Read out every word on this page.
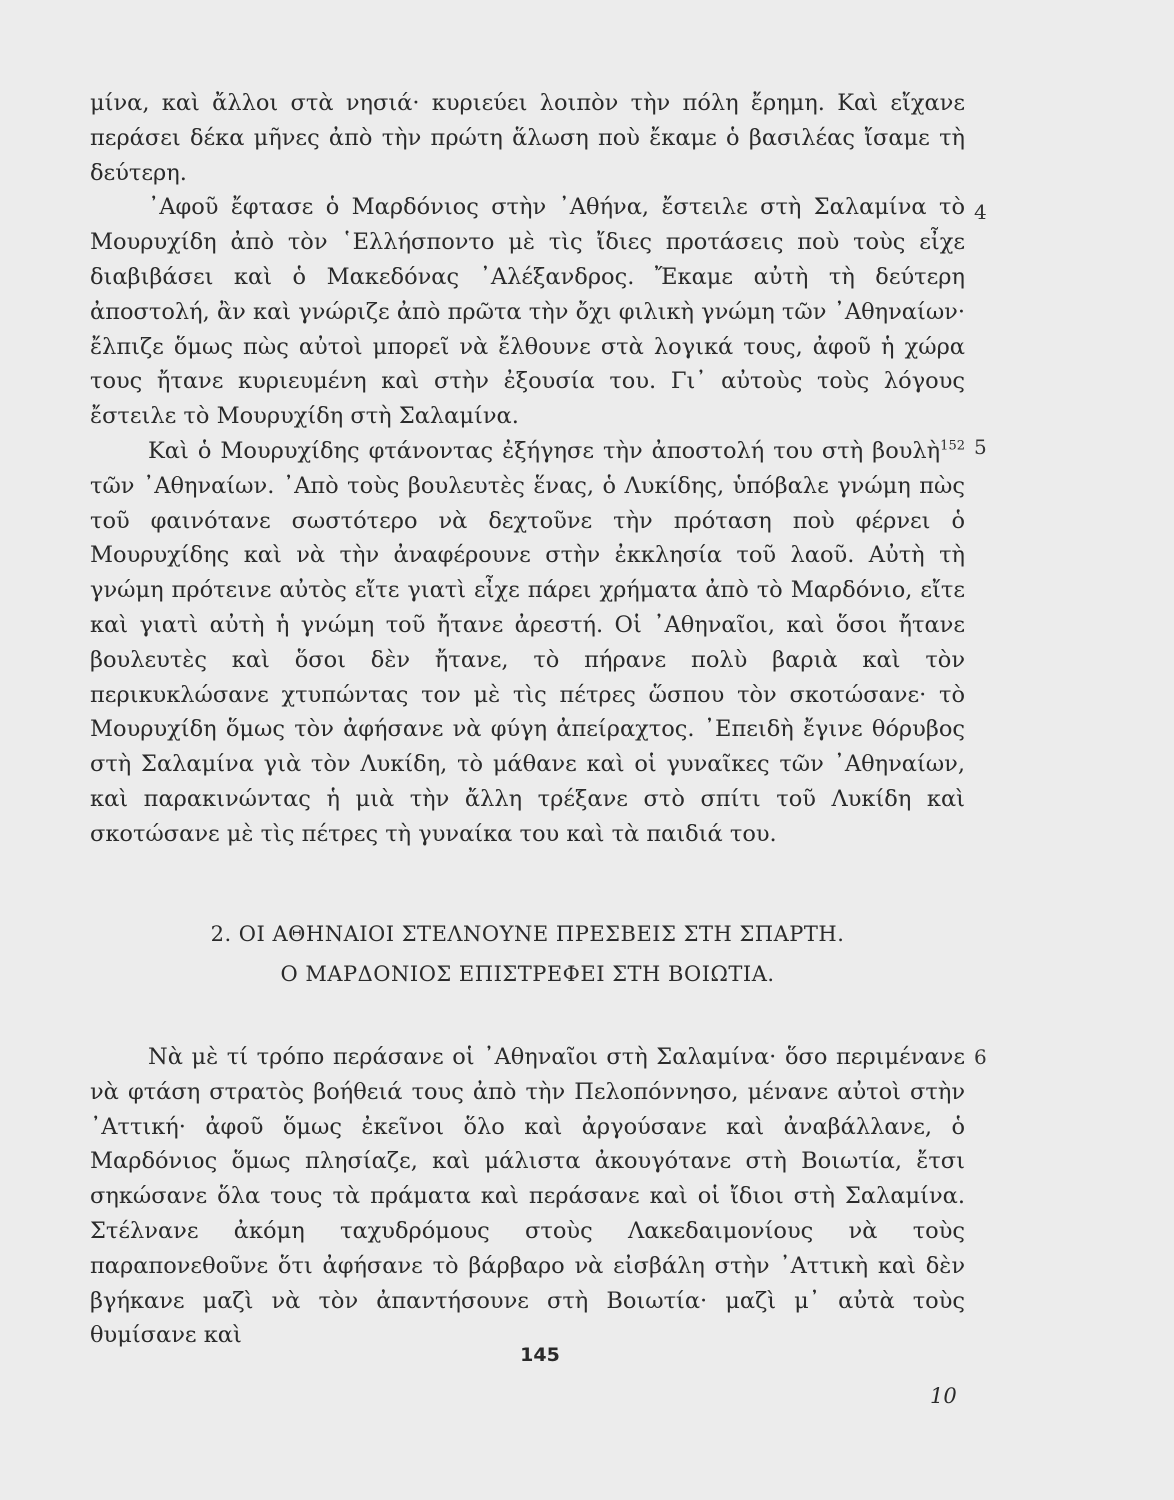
μίνα, καὶ ἄλλοι στὰ νησιά· κυριεύει λοιπὸν τὴν πόλη ἔρημη. Καὶ εἴχανε περάσει δέκα μῆνες ἀπὸ τὴν πρώτη ἅλωση ποὺ ἔκαμε ὁ βασιλέας ἴσαμε τὴ δεύτερη.

᾿Αφοῦ ἔφτασε ὁ Μαρδόνιος στὴν ᾿Αθήνα, ἔστειλε στὴ Σαλαμίνα τὸ Μουρυχίδη ἀπὸ τὸν ῾Ελλήσποντο μὲ τὶς ἴδιες προτάσεις ποὺ τοὺς εἶχε διαβιβάσει καὶ ὁ Μακεδόνας ᾿Αλέξανδρος. Ἔκαμε αὐτὴ τὴ δεύτερη ἀποστολή, ἂν καὶ γνώριζε ἀπὸ πρῶτα τὴν ὄχι φιλικὴ γνώμη τῶν ᾿Αθηναίων· ἔλπιζε ὅμως πὼς αὐτοὶ μπορεῖ νὰ ἔλθουνε στὰ λογικά τους, ἀφοῦ ἡ χώρα τους ἤτανε κυριευμένη καὶ στὴν ἐξουσία του. Γι᾿ αὐτοὺς τοὺς λόγους ἔστειλε τὸ Μουρυχίδη στὴ Σαλαμίνα.

Καὶ ὁ Μουρυχίδης φτάνοντας ἐξήγησε τὴν ἀποστολή του στὴ βουλὴ$^{152}$ τῶν ᾿Αθηναίων. ᾿Απὸ τοὺς βουλευτὲς ἕνας, ὁ Λυκίδης, ὑπόβαλε γνώμη πὼς τοῦ φαινότανε σωστότερο νὰ δεχτοῦνε τὴν πρόταση ποὺ φέρνει ὁ Μουρυχίδης καὶ νὰ τὴν ἀναφέρουνε στὴν ἐκκλησία τοῦ λαοῦ. Αὐτὴ τὴ γνώμη πρότεινε αὐτὸς εἴτε γιατὶ εἶχε πάρει χρήματα ἀπὸ τὸ Μαρδόνιο, εἴτε καὶ γιατὶ αὐτὴ ἡ γνώμη τοῦ ἤτανε ἀρεστή. Οἱ ᾿Αθηναῖοι, καὶ ὅσοι ἤτανε βουλευτὲς καὶ ὅσοι δὲν ἤτανε, τὸ πήρανε πολὺ βαριὰ καὶ τὸν περικυκλώσανε χτυπώντας τον μὲ τὶς πέτρες ὥσπου τὸν σκοτώσανε· τὸ Μουρυχίδη ὅμως τὸν ἀφήσανε νὰ φύγη ἀπείραχτος. ᾿Επειδὴ ἔγινε θόρυβος στὴ Σαλαμίνα γιὰ τὸν Λυκίδη, τὸ μάθανε καὶ οἱ γυναῖκες τῶν ᾿Αθηναίων, καὶ παρακινώντας ἡ μιὰ τὴν ἄλλη τρέξανε στὸ σπίτι τοῦ Λυκίδη καὶ σκοτώσανε μὲ τὶς πέτρες τὴ γυναίκα του καὶ τὰ παιδιά του.

4
5
6
2. ΟΙ ΑΘΗΝΑΙΟΙ ΣΤΕΛΝΟΥΝΕ ΠΡΕΣΒΕΙΣ ΣΤΗ ΣΠΑΡΤΗ.
Ο ΜΑΡΔΟΝΙΟΣ ΕΠΙΣΤΡΕΦΕΙ ΣΤΗ ΒΟΙΩΤΙΑ.

Νὰ μὲ τί τρόπο περάσανε οἱ ᾿Αθηναῖοι στὴ Σαλαμίνα· ὅσο περιμένανε νὰ φτάση στρατὸς βοήθειά τους ἀπὸ τὴν Πελοπόννησο, μένανε αὐτοὶ στὴν ᾿Αττική· ἀφοῦ ὅμως ἐκεῖνοι ὅλο καὶ ἀργούσανε καὶ ἀναβάλλανε, ὁ Μαρδόνιος ὅμως πλησίαζε, καὶ μάλιστα ἀκουγότανε στὴ Βοιωτία, ἔτσι σηκώσανε ὅλα τους τὰ πράματα καὶ περάσανε καὶ οἱ ἴδιοι στὴ Σαλαμίνα. Στέλνανε ἀκόμη ταχυδρόμους στοὺς Λακεδαιμονίους νὰ τοὺς παραπονεθοῦνε ὅτι ἀφήσανε τὸ βάρβαρο νὰ εἰσβάλη στὴν ᾿Αττικὴ καὶ δὲν βγήκανε μαζὶ νὰ τὸν ἀπαντήσουνε στὴ Βοιωτία· μαζὶ μ᾿ αὐτὰ τοὺς θυμίσανε καὶ

145
10
